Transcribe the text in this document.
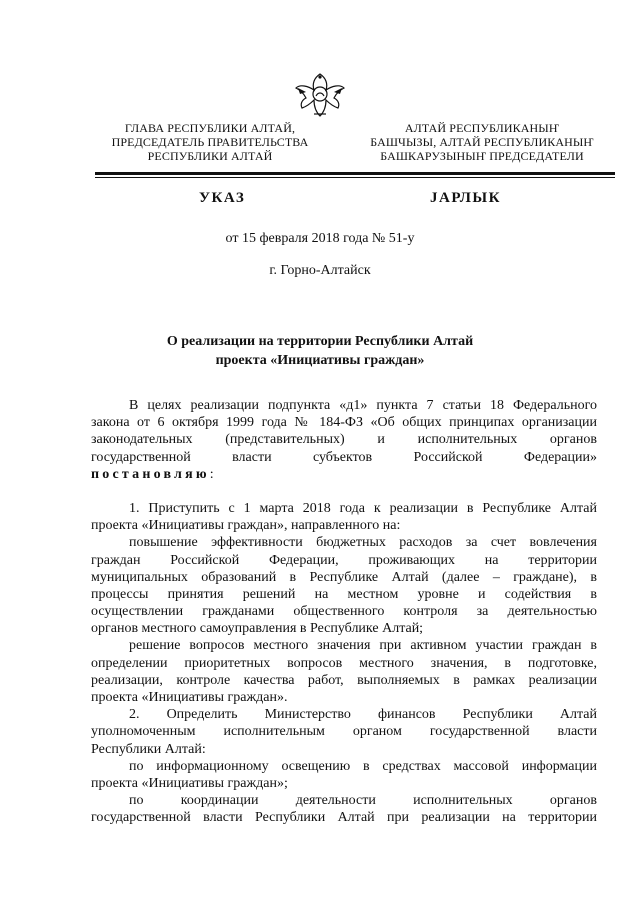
ГЛАВА РЕСПУБЛИКИ АЛТАЙ,
ПРЕДСЕДАТЕЛЬ ПРАВИТЕЛЬСТВА
РЕСПУБЛИКИ АЛТАЙ
АЛТАЙ РЕСПУБЛИКАНЫҤ
БАШЧЫЗЫ, АЛТАЙ РЕСПУБЛИКАНЫҤ
БАШКАРУЗЫНЫҤ ПРЕДСЕДАТЕЛИ
УКАЗ	JАРЛЫК
от 15 февраля 2018 года № 51-у
г. Горно-Алтайск
О реализации на территории Республики Алтай
проекта «Инициативы граждан»
В целях реализации подпункта «д1» пункта 7 статьи 18 Федерального
закона от 6 октября 1999 года № 184-ФЗ «Об общих принципах организации
законодательных (представительных) и исполнительных органов
государственной власти субъектов Российской Федерации»
постановляю:
1. Приступить с 1 марта 2018 года к реализации в Республике Алтай
проекта «Инициативы граждан», направленного на:
повышение эффективности бюджетных расходов за счет вовлечения
граждан Российской Федерации, проживающих на территории
муниципальных образований в Республике Алтай (далее – граждане), в
процессы принятия решений на местном уровне и содействия в
осуществлении гражданами общественного контроля за деятельностью
органов местного самоуправления в Республике Алтай;
решение вопросов местного значения при активном участии граждан в
определении приоритетных вопросов местного значения, в подготовке,
реализации, контроле качества работ, выполняемых в рамках реализации
проекта «Инициативы граждан».
2. Определить Министерство финансов Республики Алтай
уполномоченным исполнительным органом государственной власти
Республики Алтай:
по информационному освещению в средствах массовой информации
проекта «Инициативы граждан»;
по координации деятельности исполнительных органов
государственной власти Республики Алтай при реализации на территории
